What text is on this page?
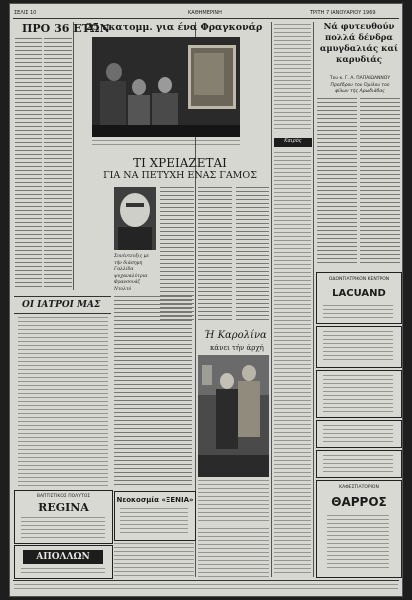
ΣΕΛΙΣ 10	ΚΑΘΗΜΕΡΙΝΗ	ΤΡΙΤΗ 7 ΙΑΝΟΥΑΡΙΟΥ 1969
ΠΡΟ 36 ΕΤΩΝ
25 εκατομμ. για ένα Φραγκονάρ
Καιρός
Νά φυτευθούν πολλά δένδρα αμυγδαλιάς καί καρυδιάς
Του κ. Γ. Α. ΠΑΠΑΙΩΑΝΝΟΥ
Προέδρου του Όμίλου τού
φίλων τής Αρωδιάδας
ΤΙ ΧΡΕΙΑΖΕΤΑΙ
ΓΙΑ ΝΑ ΠΕΤΥΧΗ ΕΝΑΣ ΓΑΜΟΣ
Συνέντευξις με τήν διάσημη Γαλλίδα ψυχαναλύτρια Φρανσουάζ Ντολτό
Ή Καρολίνα
κάνει τήν άρχή
ΟΙ ΙΑΤΡΟΙ ΜΑΣ
ΒΑΠΤΙΣΤΙΚΟΣ ΠΟΛΥΤΟΣ
REGINA
ΑΠΟΛΛΩΝ
Νεοκοσμία «ΞΕΝΙΑ»
ΟΔΟΝΤΙΑΤΡΙΚΟΝ ΚΕΝΤΡΟΝ
LACUAND
ΚΑΦΕΣΤΙΑΤΟΡΙΟΝ
ΘΑΡΡΟΣ
